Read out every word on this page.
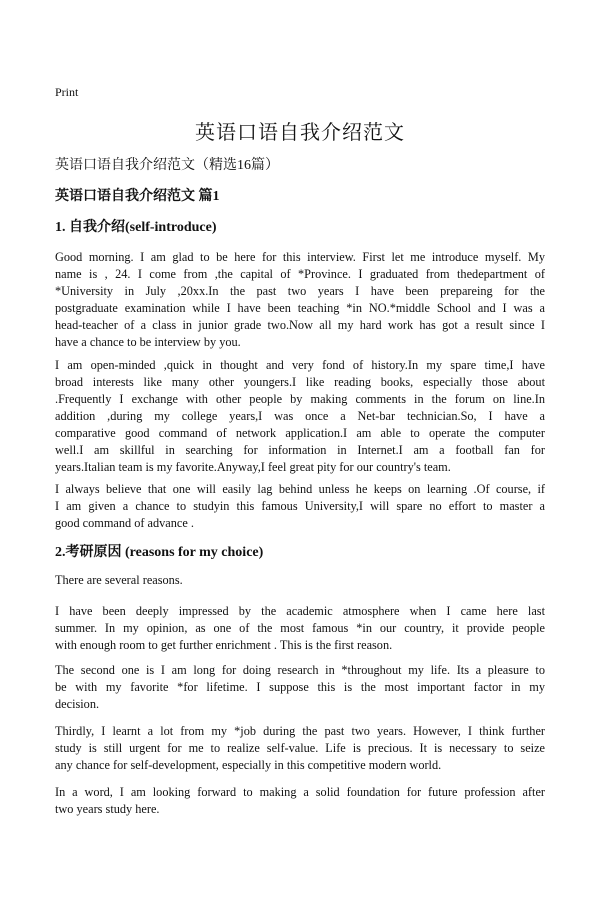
Print
英语口语自我介绍范文
英语口语自我介绍范文（精选16篇）
英语口语自我介绍范文 篇1
1. 自我介绍(self-introduce)
Good morning. I am glad to be here for this interview. First let me introduce myself. My
name is , 24. I come from ,the capital of *Province. I graduated from thedepartment of
*University in July ,20xx.In the past two years I have been prepareing for the
postgraduate examination while I have been teaching *in NO.*middle School and I was a
head-teacher of a class in junior grade two.Now all my hard work has got a result since I
have a chance to be interview by you.
I am open-minded ,quick in thought and very fond of history.In my spare time,I have
broad interests like many other youngers.I like reading books, especially those about
.Frequently I exchange with other people by making comments in the forum on line.In
addition ,during my college years,I was once a Net-bar technician.So, I have a
comparative good command of network application.I am able to operate the computer
well.I am skillful in searching for information in Internet.I am a football fan for
years.Italian team is my favorite.Anyway,I feel great pity for our country's team.
I always believe that one will easily lag behind unless he keeps on learning .Of course, if
I am given a chance to studyin this famous University,I will spare no effort to master a
good command of advance .
2.考研原因 (reasons for my choice)
There are several reasons.
I have been deeply impressed by the academic atmosphere when I came here last
summer. In my opinion, as one of the most famous *in our country, it provide people
with enough room to get further enrichment . This is the first reason.
The second one is I am long for doing research in *throughout my life. Its a pleasure to
be with my favorite *for lifetime. I suppose this is the most important factor in my
decision.
Thirdly, I learnt a lot from my *job during the past two years. However, I think further
study is still urgent for me to realize self-value. Life is precious. It is necessary to seize
any chance for self-development, especially in this competitive modern world.
In a word, I am looking forward to making a solid foundation for future profession after
two years study here.
